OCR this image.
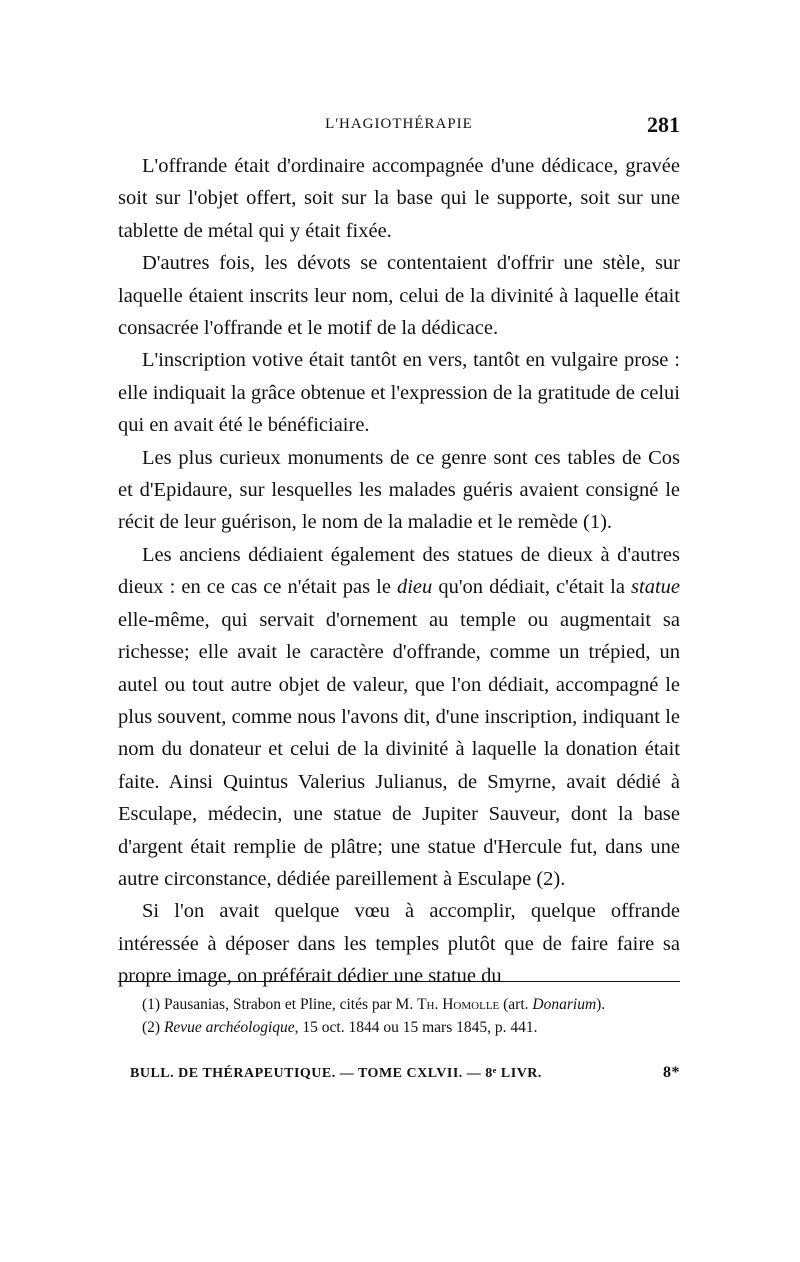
L'HAGIOTHÉRAPIE	281

L'offrande était d'ordinaire accompagnée d'une dédicace, gravée soit sur l'objet offert, soit sur la base qui le supporte, soit sur une tablette de métal qui y était fixée.

D'autres fois, les dévots se contentaient d'offrir une stèle, sur laquelle étaient inscrits leur nom, celui de la divinité à laquelle était consacrée l'offrande et le motif de la dédicace.

L'inscription votive était tantôt en vers, tantôt en vulgaire prose : elle indiquait la grâce obtenue et l'expression de la gratitude de celui qui en avait été le bénéficiaire.

Les plus curieux monuments de ce genre sont ces tables de Cos et d'Epidaure, sur lesquelles les malades guéris avaient consigné le récit de leur guérison, le nom de la maladie et le remède (1).

Les anciens dédiaient également des statues de dieux à d'autres dieux : en ce cas ce n'était pas le dieu qu'on dédiait, c'était la statue elle-même, qui servait d'ornement au temple ou augmentait sa richesse; elle avait le caractère d'offrande, comme un trépied, un autel ou tout autre objet de valeur, que l'on dédiait, accompagné le plus souvent, comme nous l'avons dit, d'une inscription, indiquant le nom du donateur et celui de la divinité à laquelle la donation était faite. Ainsi Quintus Valerius Julianus, de Smyrne, avait dédié à Esculape, médecin, une statue de Jupiter Sauveur, dont la base d'argent était remplie de plâtre; une statue d'Hercule fut, dans une autre circonstance, dédiée pareillement à Esculape (2).

Si l'on avait quelque vœu à accomplir, quelque offrande intéressée à déposer dans les temples plutôt que de faire faire sa propre image, on préférait dédier une statue du

(1) Pausanias, Strabon et Pline, cités par M. Th. Homolle (art. Donarium).

(2) Revue archéologique, 15 oct. 1844 ou 15 mars 1845, p. 441.

BULL. DE THÉRAPEUTIQUE. — TOME CXLVII. — 8ᵉ LIVR.	8*
